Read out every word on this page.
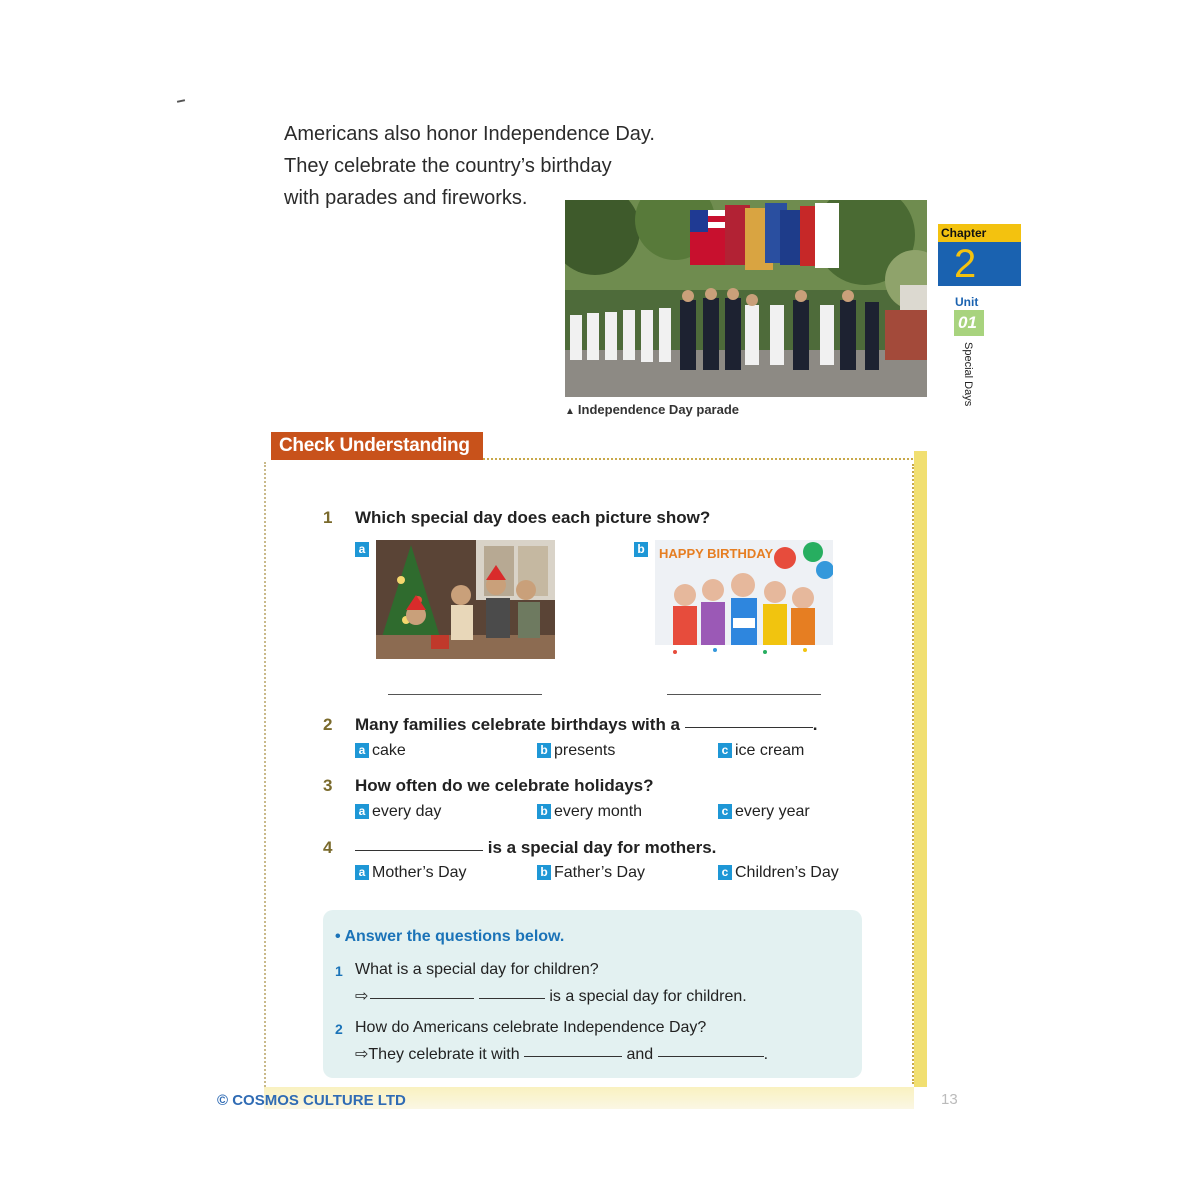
Americans also honor Independence Day.
They celebrate the country’s birthday
with parades and fireworks.
▲ Independence Day parade
Chapter
2
Unit
01
Special Days
Check Understanding
1 Which special day does each picture show?
a	b	HAPPY BIRTHDAY
2 Many families celebrate birthdays with a	.
a cake	b presents	c ice cream
3 How often do we celebrate holidays?
a every day	b every month	c every year
4	is a special day for mothers.
a Mother’s Day	b Father’s Day	c Children’s Day
• Answer the questions below.
1 What is a special day for children?
⇨	is a special day for children.
2 How do Americans celebrate Independence Day?
⇨They celebrate it with	and	.
© COSMOS CULTURE LTD	13
